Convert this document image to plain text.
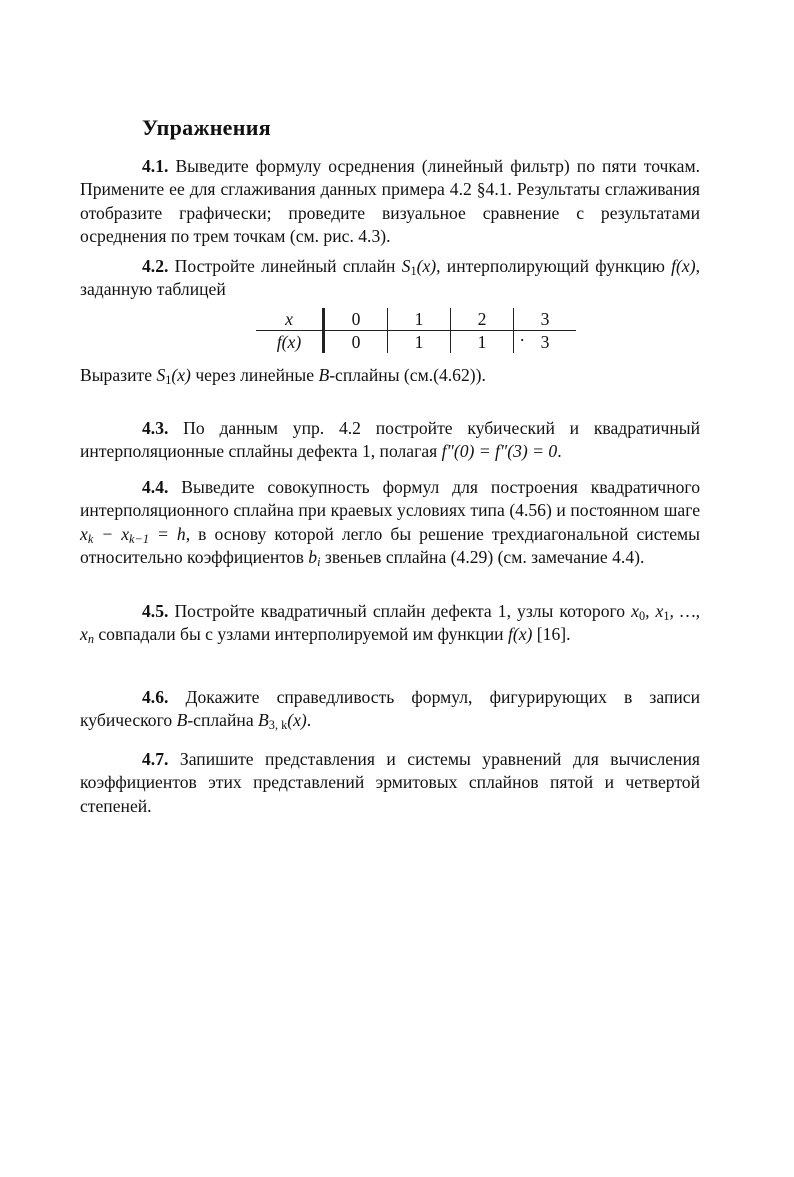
Упражнения

4.1. Выведите формулу осреднения (линейный фильтр) по пяти точкам. Примените ее для сглаживания данных примера 4.2 §4.1. Результаты сглаживания отобразите графически; проведите визуальное сравнение с результатами осреднения по трем точкам (см. рис. 4.3).

4.2. Постройте линейный сплайн $S_1(x)$, интерполирующий функцию f(x), заданную таблицей

x	0	1	2	3
f(x)	0	1	1	3
.

Выразите $S_1(x)$ через линейные B-сплайны (см.(4.62)).

4.3. По данным упр. 4.2 постройте кубический и квадратичный интерполяционные сплайны дефекта 1, полагая f″(0) = f″(3) = 0.

4.4. Выведите совокупность формул для построения квадратичного интерполяционного сплайна при краевых условиях типа (4.56) и постоянном шаге $x_k - x_{k-1} = h$, в основу которой легло бы решение трехдиагональной системы относительно коэффициентов $b_i$ звеньев сплайна (4.29) (см. замечание 4.4).

4.5. Постройте квадратичный сплайн дефекта 1, узлы которого $x_0$, $x_1$, …, $x_n$ совпадали бы с узлами интерполируемой им функции f(x) [16].

4.6. Докажите справедливость формул, фигурирующих в записи кубического B-сплайна $B_{3, k}(x)$.

4.7. Запишите представления и системы уравнений для вычисления коэффициентов этих представлений эрмитовых сплайнов пятой и четвертой степеней.
